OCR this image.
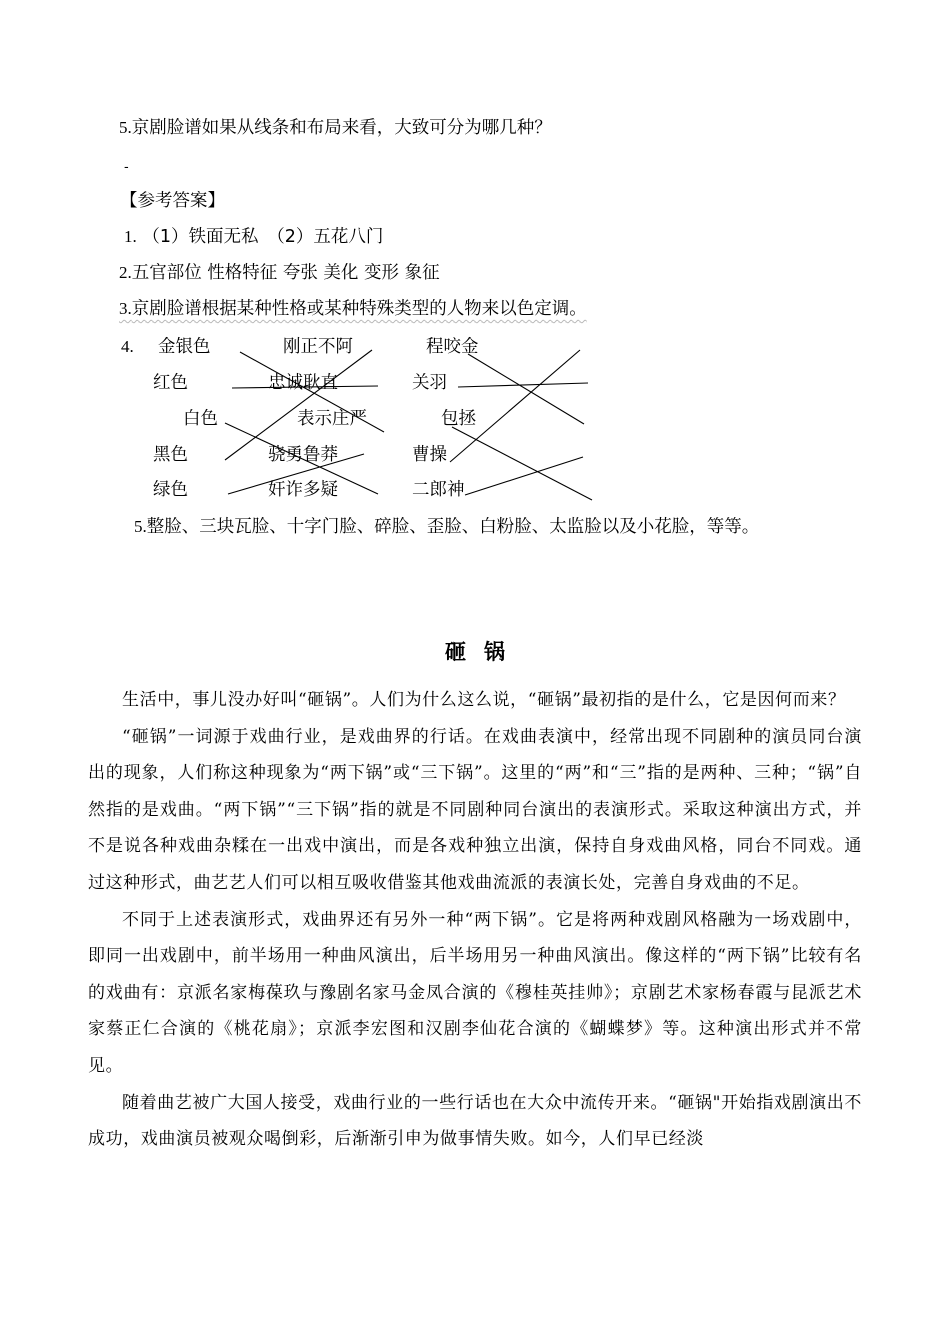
5.京剧脸谱如果从线条和布局来看，大致可分为哪几种？
-
【参考答案】
1. （1）铁面无私　（2）五花八门
2.五官部位 性格特征 夸张 美化 变形 象征
3.京剧脸谱根据某种性格或某种特殊类型的人物来以色定调。
4. 金银色
红色
白色
黑色
绿色
刚正不阿
忠诚耿直
表示庄严
骁勇鲁莽
奸诈多疑
程咬金
关羽
包拯
曹操
二郎神
5.整脸、三块瓦脸、十字门脸、碎脸、歪脸、白粉脸、太监脸以及小花脸，等等。
砸锅

生活中，事儿没办好叫“砸锅”。人们为什么这么说，“砸锅”最初指的是什么，它是因何而来？

“砸锅”一词源于戏曲行业，是戏曲界的行话。在戏曲表演中，经常出现不同剧种的演员同台演出的现象，人们称这种现象为“两下锅”或“三下锅”。这里的“两”和“三”指的是两种、三种；“锅”自然指的是戏曲。“两下锅”“三下锅”指的就是不同剧种同台演出的表演形式。采取这种演出方式，并不是说各种戏曲杂糅在一出戏中演出，而是各戏种独立出演，保持自身戏曲风格，同台不同戏。通过这种形式，曲艺艺人们可以相互吸收借鉴其他戏曲流派的表演长处，完善自身戏曲的不足。

不同于上述表演形式，戏曲界还有另外一种“两下锅”。它是将两种戏剧风格融为一场戏剧中，即同一出戏剧中，前半场用一种曲风演出，后半场用另一种曲风演出。像这样的“两下锅”比较有名的戏曲有：京派名家梅葆玖与豫剧名家马金凤合演的《穆桂英挂帅》；京剧艺术家杨春霞与昆派艺术家蔡正仁合演的《桃花扇》；京派李宏图和汉剧李仙花合演的《蝴蝶梦》等。这种演出形式并不常见。

随着曲艺被广大国人接受，戏曲行业的一些行话也在大众中流传开来。“砸锅"开始指戏剧演出不成功，戏曲演员被观众喝倒彩，后渐渐引申为做事情失败。如今，人们早已经淡
